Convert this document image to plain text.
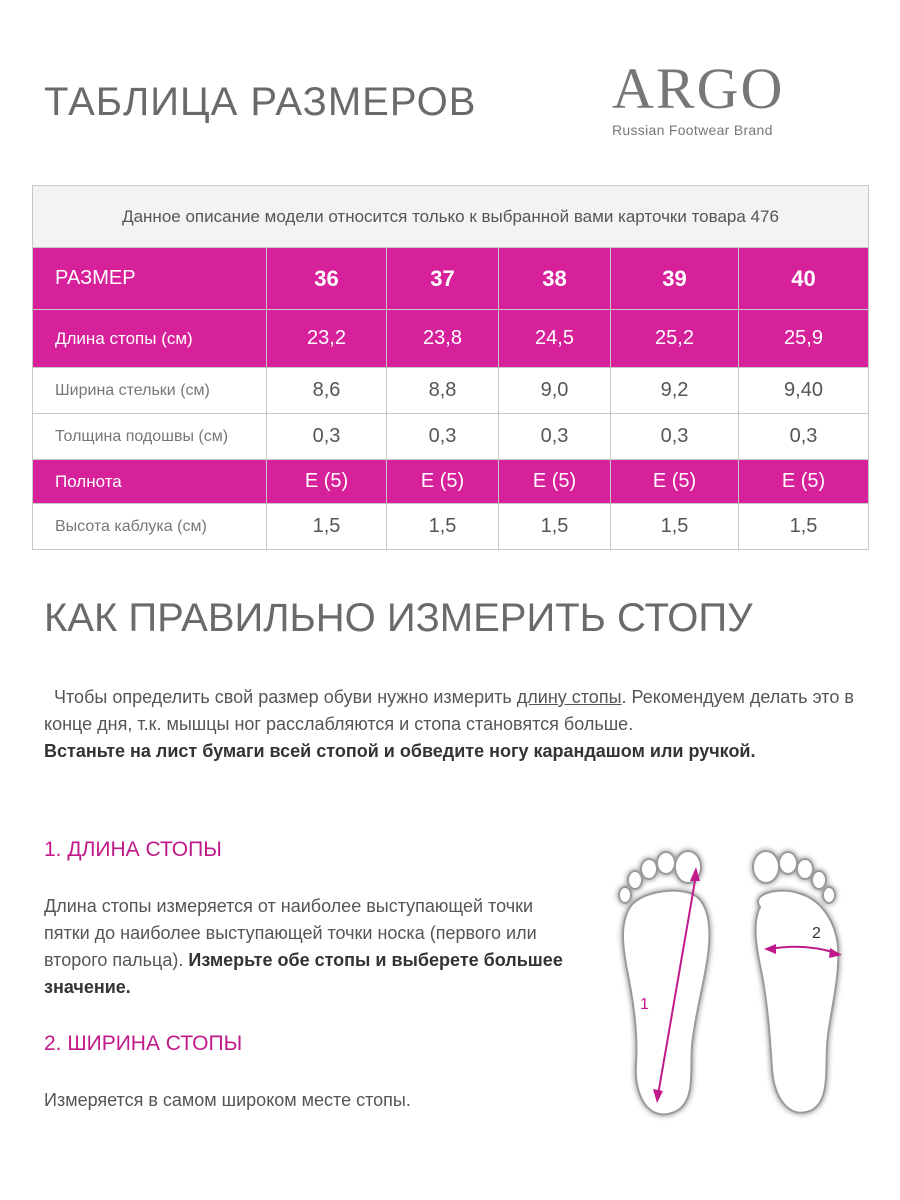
ТАБЛИЦА РАЗМЕРОВ ARGO
Russian Footwear Brand
Данное описание модели относится только к выбранной вами карточки товара 476					
РАЗМЕР	36	37	38	39	40
Длина стопы (см)	23,2	23,8	24,5	25,2	25,9
Ширина стельки (см)	8,6	8,8	9,0	9,2	9,40
Толщина подошвы (см)	0,3	0,3	0,3	0,3	0,3
Полнота	E (5)	E (5)	E (5)	E (5)	E (5)
Высота каблука (см)	1,5	1,5	1,5	1,5	1,5
КАК ПРАВИЛЬНО ИЗМЕРИТЬ СТОПУ
Чтобы определить свой размер обуви нужно измерить длину стопы. Рекомендуем делать это в конце дня, т.к. мышцы ног расслабляются и стопа становятся больше.
Встаньте на лист бумаги всей стопой и обведите ногу карандашом или ручкой.
1. ДЛИНА СТОПЫ
Длина стопы измеряется от наиболее выступающей точки пятки до наиболее выступающей точки носка (первого или второго пальца). Измерьте обе стопы и выберете большее значение.
2. ШИРИНА СТОПЫ
Измеряется в самом широком месте стопы.
1
2
